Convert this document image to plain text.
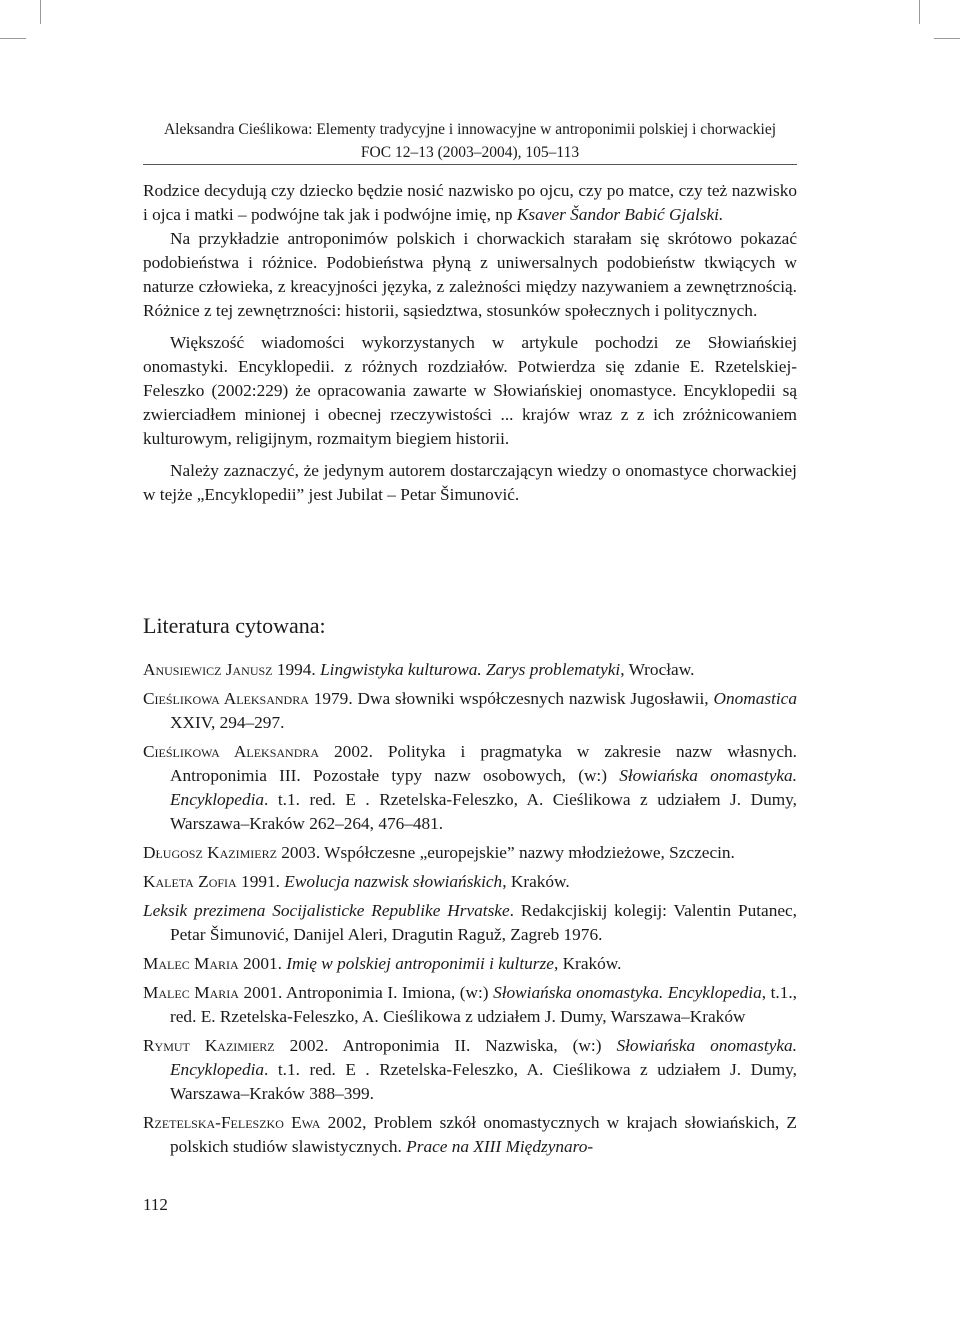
Aleksandra Cieślikowa: Elementy tradycyjne i innowacyjne w antroponimii polskiej i chorwackiej
FOC 12–13 (2003–2004), 105–113

Rodzice decydują czy dziecko będzie nosić nazwisko po ojcu, czy po matce, czy też nazwisko i ojca i matki – podwójne tak jak i podwójne imię, np Ksaver Šandor Babić Gjalski.

Na przykładzie antroponimów polskich i chorwackich starałam się skrótowo pokazać podobieństwa i różnice. Podobieństwa płyną z uniwersalnych podobieństw tkwiących w naturze człowieka, z kreacyjności języka, z zależności między nazywaniem a zewnętrznością. Różnice z tej zewnętrzności: historii, sąsiedztwa, stosunków społecznych i politycznych.

Większość wiadomości wykorzystanych w artykule pochodzi ze Słowiańskiej onomastyki. Encyklopedii. z różnych rozdziałów. Potwierdza się zdanie E. Rzetelskiej-Feleszko (2002:229) że opracowania zawarte w Słowiańskiej onomastyce. Encyklopedii są zwierciadłem minionej i obecnej rzeczywistości ... krajów wraz z z ich zróżnicowaniem kulturowym, religijnym, rozmaitym biegiem historii.

Należy zaznaczyć, że jedynym autorem dostarczającyn wiedzy o onomastyce chorwackiej w tejże „Encyklopedii” jest Jubilat – Petar Šimunović.

Literatura cytowana:

Anusiewicz Janusz 1994. Lingwistyka kulturowa. Zarys problematyki, Wrocław.

Cieślikowa Aleksandra 1979. Dwa słowniki współczesnych nazwisk Jugosławii, Onomastica XXIV, 294–297.

Cieślikowa Aleksandra 2002. Polityka i pragmatyka w zakresie nazw własnych. Antroponimia III. Pozostałe typy nazw osobowych, (w:) Słowiańska onomastyka. Encyklopedia. t.1. red. E . Rzetelska-Feleszko, A. Cieślikowa z udziałem J. Dumy, Warszawa–Kraków 262–264, 476–481.

Długosz Kazimierz 2003. Współczesne „europejskie” nazwy młodzieżowe, Szczecin.

Kaleta Zofia 1991. Ewolucja nazwisk słowiańskich, Kraków.

Leksik prezimena Socijalisticke Republike Hrvatske. Redakcjiskij kolegij: Valentin Putanec, Petar Šimunović, Danijel Aleri, Dragutin Raguž, Zagreb 1976.

Malec Maria 2001. Imię w polskiej antroponimii i kulturze, Kraków.

Malec Maria 2001. Antroponimia I. Imiona, (w:) Słowiańska onomastyka. Encyklopedia, t.1., red. E. Rzetelska-Feleszko, A. Cieślikowa z udziałem J. Dumy, Warszawa–Kraków

Rymut Kazimierz 2002. Antroponimia II. Nazwiska, (w:) Słowiańska onomastyka. Encyklopedia. t.1. red. E . Rzetelska-Feleszko, A. Cieślikowa z udziałem J. Dumy, Warszawa–Kraków 388–399.

Rzetelska-Feleszko Ewa 2002, Problem szkół onomastycznych w krajach słowiańskich, Z polskich studiów slawistycznych. Prace na XIII Międzynaro-

112
